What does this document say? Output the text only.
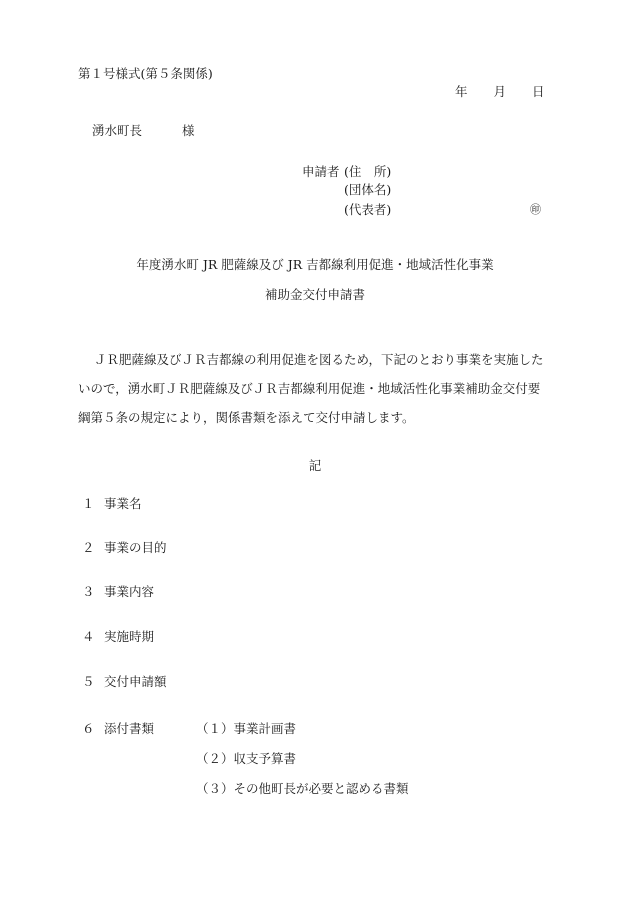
第１号様式(第５条関係)
年 月 日
湧水町長	様
申請者 (住　所)
(団体名)
(代表者)	㊞
年度湧水町 JR 肥薩線及び JR 吉都線利用促進・地域活性化事業
補助金交付申請書
ＪＲ肥薩線及びＪＲ吉都線の利用促進を図るため，下記のとおり事業を実施したいので，湧水町ＪＲ肥薩線及びＪＲ吉都線利用促進・地域活性化事業補助金交付要綱第５条の規定により，関係書類を添えて交付申請します。
記
１ 事業名
２ 事業の目的
３ 事業内容
４ 実施時期
５ 交付申請額
６ 添付書類	（１）事業計画書
（２）収支予算書
（３）その他町長が必要と認める書類
